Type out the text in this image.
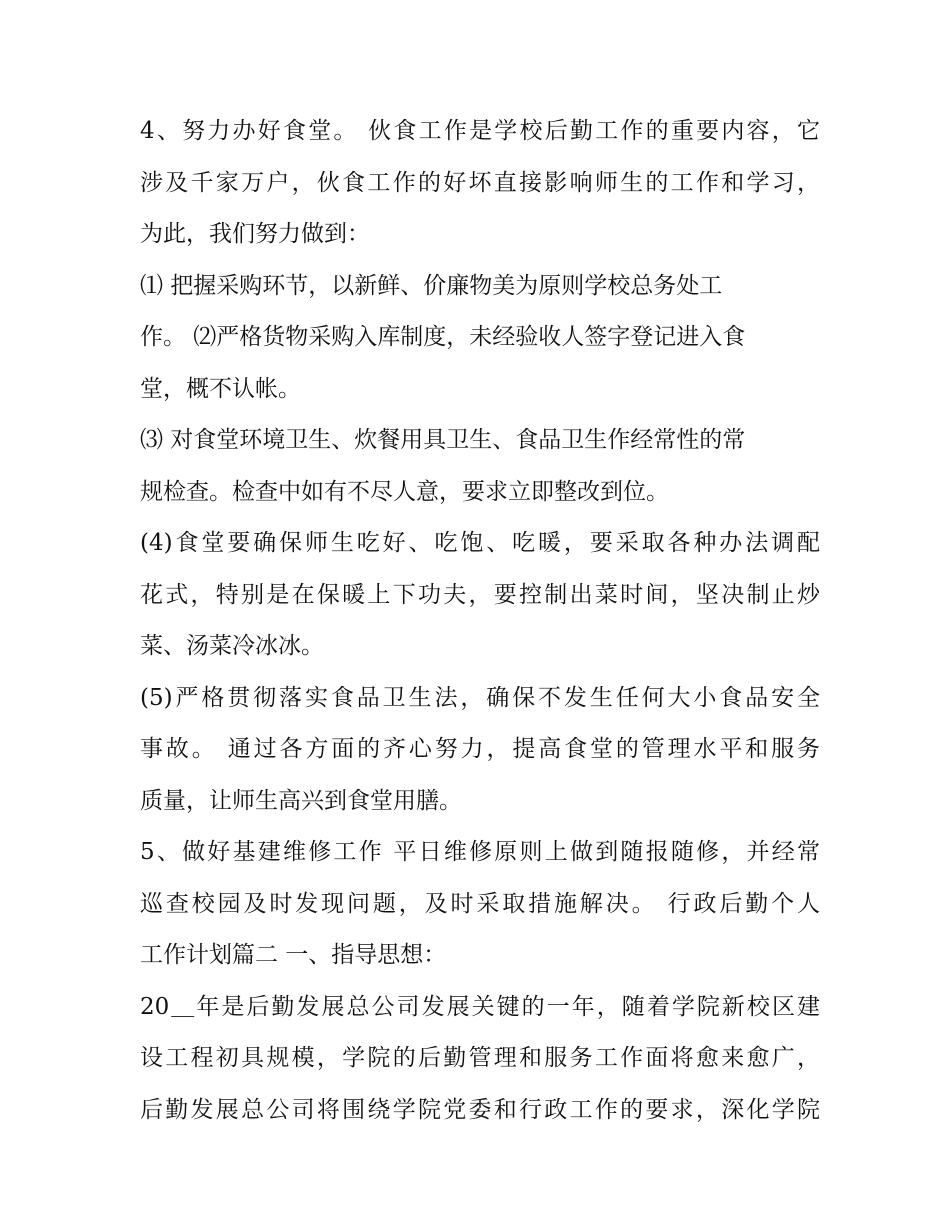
4、努力办好食堂。 伙食工作是学校后勤工作的重要内容，它
涉及千家万户，伙食工作的好坏直接影响师生的工作和学习，
为此，我们努力做到：
⑴ 把握采购环节，以新鲜、价廉物美为原则学校总务处工
作。 ⑵严格货物采购入库制度，未经验收人签字登记进入食
堂，概不认帐。
⑶ 对食堂环境卫生、炊餐用具卫生、食品卫生作经常性的常
规检查。检查中如有不尽人意，要求立即整改到位。
(4)食堂要确保师生吃好、吃饱、吃暖，要采取各种办法调配
花式，特别是在保暖上下功夫，要控制出菜时间，坚决制止炒
菜、汤菜冷冰冰。
(5)严格贯彻落实食品卫生法，确保不发生任何大小食品安全
事故。 通过各方面的齐心努力，提高食堂的管理水平和服务
质量，让师生高兴到食堂用膳。
5、做好基建维修工作 平日维修原则上做到随报随修，并经常
巡查校园及时发现问题，及时采取措施解决。 行政后勤个人
工作计划篇二 一、指导思想：
20＿年是后勤发展总公司发展关键的一年，随着学院新校区建
设工程初具规模，学院的后勤管理和服务工作面将愈来愈广，
后勤发展总公司将围绕学院党委和行政工作的要求，深化学院
